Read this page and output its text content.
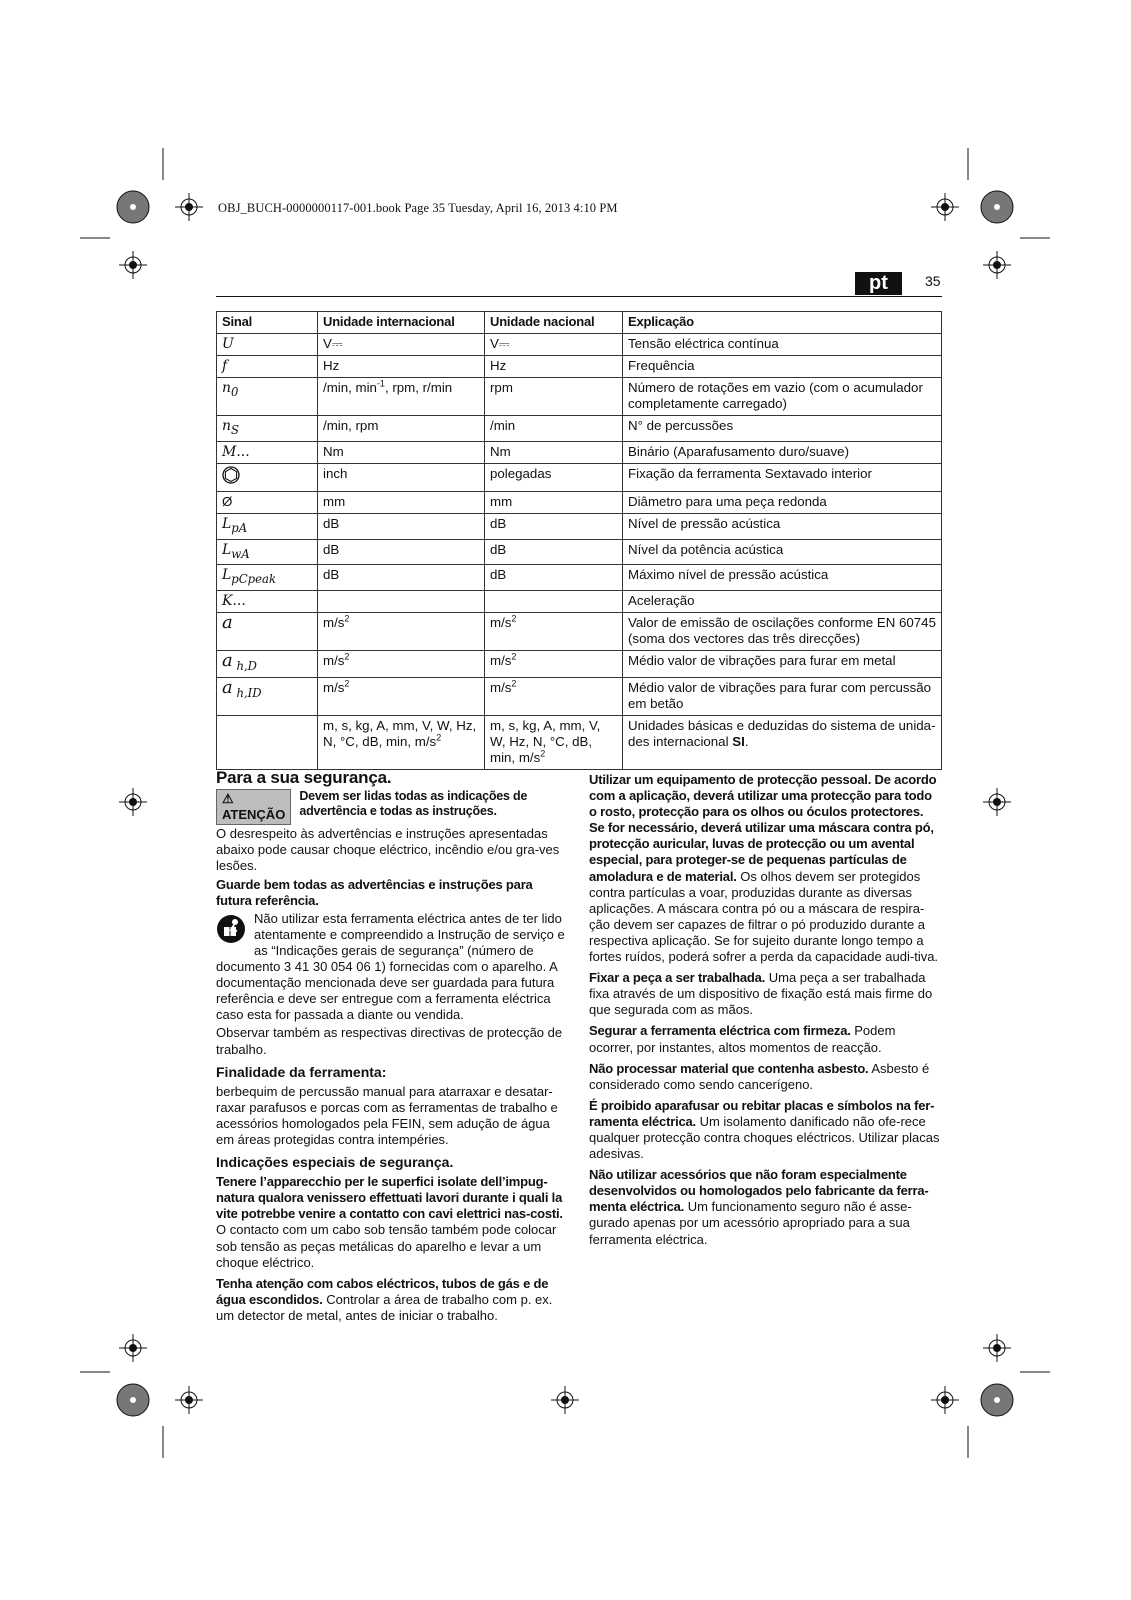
OBJ_BUCH-0000000117-001.book Page 35 Tuesday, April 16, 2013 4:10 PM
pt	35
Sinal	Unidade internacional	Unidade nacional	Explicação
U	V⎓	V⎓	Tensão eléctrica contínua
f	Hz	Hz	Frequência
$n_0$	/min, $\min^{-1}$, rpm, r/min	rpm	Número de rotações em vazio (com o acumulador completamente carregado)
$n_S$	/min, rpm	/min	N° de percussões
M...	Nm	Nm	Binário (Aparafusamento duro/suave)
	inch	polegadas	Fixação da ferramenta Sextavado interior
Ø	mm	mm	Diâmetro para uma peça redonda
$L_{pA}$	dB	dB	Nível de pressão acústica
$L_{wA}$	dB	dB	Nível da potência acústica
$L_{pCpeak}$	dB	dB	Máximo nível de pressão acústica
K...			Aceleração
a	$m/s^2$	$m/s^2$	Valor de emissão de oscilações conforme EN 60745 (soma dos vectores das três direcções)
a $_{h,D}$	$m/s^2$	$m/s^2$	Médio valor de vibrações para furar em metal
a $_{h,ID}$	$m/s^2$	$m/s^2$	Médio valor de vibrações para furar com percussão em betão
	m, s, kg, A, mm, V, W, Hz, N, °C, dB, min, $m/s^2$	m, s, kg, A, mm, V, W, Hz, N, °C, dB, min, $m/s^2$	Unidades básicas e deduzidas do sistema de unida-des internacional SI.
Para a sua segurança.
⚠ ATENÇÃO
Devem ser lidas todas as indicações de advertência e todas as instruções.

O desrespeito às advertências e instruções apresentadas abaixo pode causar choque eléctrico, incêndio e/ou gra-ves lesões.

Guarde bem todas as advertências e instruções para futura referência.

Não utilizar esta ferramenta eléctrica antes de ter lido atentamente e compreendido a Instrução de serviço e as “Indicações gerais de segurança” (número de documento 3 41 30 054 06 1) fornecidas com o aparelho. A documentação mencionada deve ser guardada para futura referência e deve ser entregue com a ferramenta eléctrica caso esta for passada a diante ou vendida.

Observar também as respectivas directivas de protecção de trabalho.

Finalidade da ferramenta:

berbequim de percussão manual para atarraxar e desatar-raxar parafusos e porcas com as ferramentas de trabalho e acessórios homologados pela FEIN, sem adução de água em áreas protegidas contra intempéries.

Indicações especiais de segurança.

Tenere l’apparecchio per le superfici isolate dell’impug-natura qualora venissero effettuati lavori durante i quali la vite potrebbe venire a contatto con cavi elettrici nas-costi. O contacto com um cabo sob tensão também pode colocar sob tensão as peças metálicas do aparelho e levar a um choque eléctrico.

Tenha atenção com cabos eléctricos, tubos de gás e de água escondidos. Controlar a área de trabalho com p. ex. um detector de metal, antes de iniciar o trabalho.

Utilizar um equipamento de protecção pessoal. De acordo com a aplicação, deverá utilizar uma protecção para todo o rosto, protecção para os olhos ou óculos protectores. Se for necessário, deverá utilizar uma máscara contra pó, protecção auricular, luvas de protecção ou um avental especial, para proteger-se de pequenas partículas de amoladura e de material. Os olhos devem ser protegidos contra partículas a voar, produzidas durante as diversas aplicações. A máscara contra pó ou a máscara de respira-ção devem ser capazes de filtrar o pó produzido durante a respectiva aplicação. Se for sujeito durante longo tempo a fortes ruídos, poderá sofrer a perda da capacidade audi-tiva.

Fixar a peça a ser trabalhada. Uma peça a ser trabalhada fixa através de um dispositivo de fixação está mais firme do que segurada com as mãos.

Segurar a ferramenta eléctrica com firmeza. Podem ocorrer, por instantes, altos momentos de reacção.

Não processar material que contenha asbesto. Asbesto é considerado como sendo cancerígeno.

É proibido aparafusar ou rebitar placas e símbolos na fer-ramenta eléctrica. Um isolamento danificado não ofe-rece qualquer protecção contra choques eléctricos. Utilizar placas adesivas.

Não utilizar acessórios que não foram especialmente desenvolvidos ou homologados pelo fabricante da ferra-menta eléctrica. Um funcionamento seguro não é asse-gurado apenas por um acessório apropriado para a sua ferramenta eléctrica.
